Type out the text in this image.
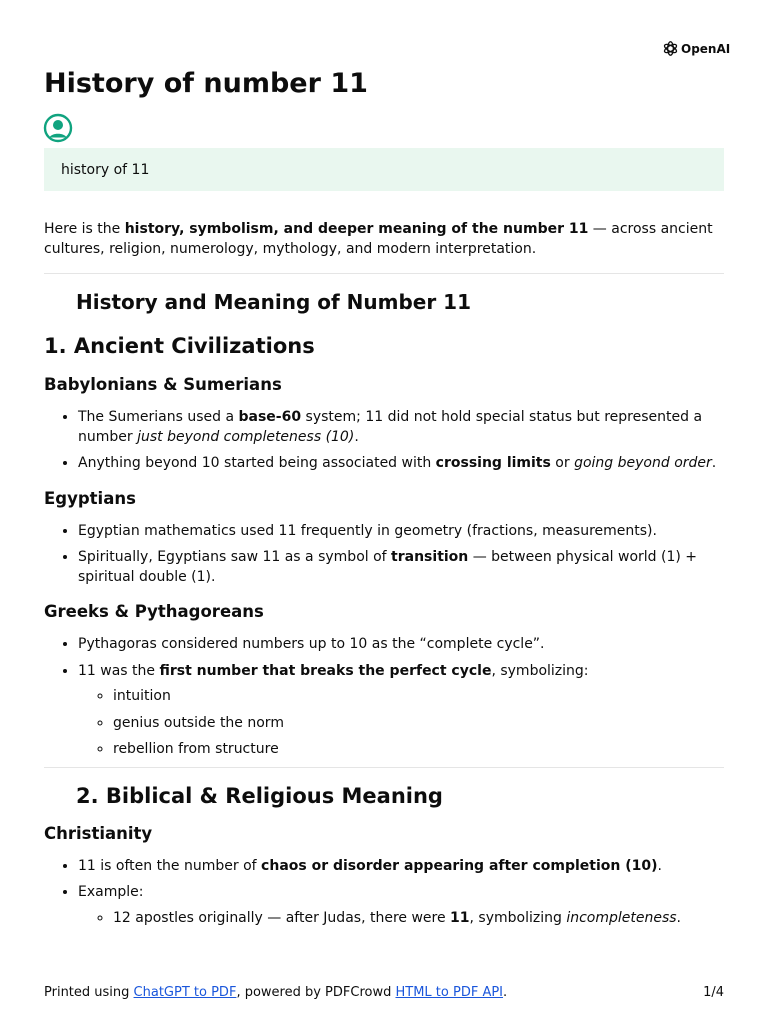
OpenAI
History of number 11
history of 11

Here is the history, symbolism, and deeper meaning of the number 11 — across ancient cultures, religion, numerology, mythology, and modern interpretation.

History and Meaning of Number 11
1. Ancient Civilizations
Babylonians & Sumerians
• The Sumerians used a base-60 system; 11 did not hold special status but represented a number just beyond completeness (10).
• Anything beyond 10 started being associated with crossing limits or going beyond order.
Egyptians
• Egyptian mathematics used 11 frequently in geometry (fractions, measurements).
• Spiritually, Egyptians saw 11 as a symbol of transition — between physical world (1) + spiritual double (1).
Greeks & Pythagoreans
• Pythagoras considered numbers up to 10 as the “complete cycle”.
• 11 was the first number that breaks the perfect cycle, symbolizing:
◦ intuition
◦ genius outside the norm
◦ rebellion from structure
2. Biblical & Religious Meaning
Christianity
• 11 is often the number of chaos or disorder appearing after completion (10).
• Example:
◦ 12 apostles originally — after Judas, there were 11, symbolizing incompleteness.
Printed using ChatGPT to PDF, powered by PDFCrowd HTML to PDF API.	1/4
